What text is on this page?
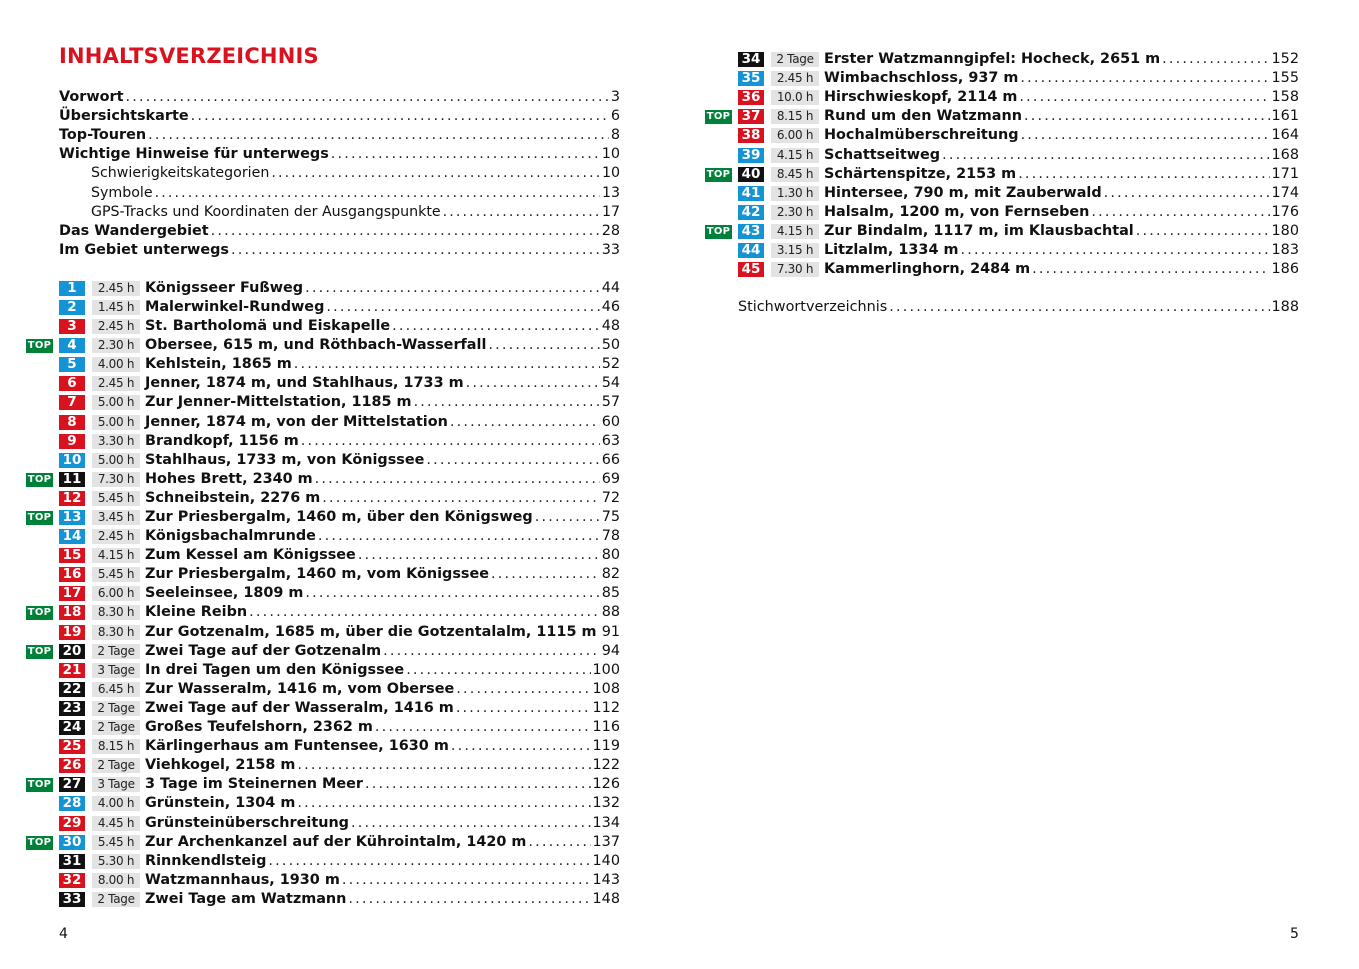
INHALTSVERZEICHNIS
Vorwort . . .	3
Übersichtskarte . . .	6
Top-Touren . . .	8
Wichtige Hinweise für unterwegs . . .	10
Schwierigkeitskategorien . . .	10
Symbole . . .	13
GPS-Tracks und Koordinaten der Ausgangspunkte . . .	17
Das Wandergebiet . . .	28
Im Gebiet unterwegs . . .	33
1	2.45 h Königsseer Fußweg . . .	44
2	1.45 h Malerwinkel-Rundweg . . .	46
3	2.45 h St. Bartholomä und Eiskapelle . . .	48
TOP	4	2.30 h Obersee, 615 m, und Röthbach-Wasserfall . . .	50
5	4.00 h Kehlstein, 1865 m . . .	52
6	2.45 h Jenner, 1874 m, und Stahlhaus, 1733 m . . .	54
7	5.00 h Zur Jenner-Mittelstation, 1185 m . . .	57
8	5.00 h Jenner, 1874 m, von der Mittelstation . . .	60
9	3.30 h Brandkopf, 1156 m . . .	63
10	5.00 h Stahlhaus, 1733 m, von Königssee . . .	66
TOP 11	7.30 h Hohes Brett, 2340 m . . .	69
12	5.45 h Schneibstein, 2276 m . . .	72
TOP 13	3.45 h Zur Priesbergalm, 1460 m, über den Königsweg . . .	75
14	2.45 h Königsbachalmrunde . . .	78
15	4.15 h Zum Kessel am Königssee . . .	80
16	5.45 h Zur Priesbergalm, 1460 m, vom Königssee . . .	82
17	6.00 h Seeleinsee, 1809 m . . .	85
TOP 18	8.30 h Kleine Reibn . . .	88
19	8.30 h Zur Gotzenalm, 1685 m, über die Gotzentalalm, 1115 m . . . 91
TOP 20	2 Tage Zwei Tage auf der Gotzenalm . . .	94
21	3 Tage In drei Tagen um den Königssee . . .	100
22	6.45 h Zur Wasseralm, 1416 m, vom Obersee . . .	108
23	2 Tage Zwei Tage auf der Wasseralm, 1416 m . . .	112
24	2 Tage Großes Teufelshorn, 2362 m . . .	116
25	8.15 h Kärlingerhaus am Funtensee, 1630 m . . .	119
26	2 Tage Viehkogel, 2158 m . . .	122
TOP 27	3 Tage 3 Tage im Steinernen Meer . . .	126
28	4.00 h Grünstein, 1304 m . . .	132
29	4.45 h Grünsteinüberschreitung . . .	134
TOP 30	5.45 h Zur Archenkanzel auf der Kührointalm, 1420 m . . .	137
31	5.30 h Rinnkendlsteig . . .	140
32	8.00 h Watzmannhaus, 1930 m . . .	143
33	2 Tage Zwei Tage am Watzmann . . .	148
4
34	2 Tage Erster Watzmanngipfel: Hocheck, 2651 m . . .	152
35	2.45 h Wimbachschloss, 937 m . . .	155
36	10.0 h Hirschwieskopf, 2114 m . . .	158
TOP 37	8.15 h Rund um den Watzmann . . .	161
38	6.00 h Hochalmüberschreitung . . .	164
39	4.15 h Schattseitweg . . .	168
TOP 40	8.45 h Schärtenspitze, 2153 m . . .	171
41	1.30 h Hintersee, 790 m, mit Zauberwald . . .	174
42	2.30 h Halsalm, 1200 m, von Fernseben . . .	176
TOP 43	4.15 h Zur Bindalm, 1117 m, im Klausbachtal . . .	180
44	3.15 h Litzlalm, 1334 m . . .	183
45	7.30 h Kammerlinghorn, 2484 m . . .	186
Stichwortverzeichnis . . .	188
5
